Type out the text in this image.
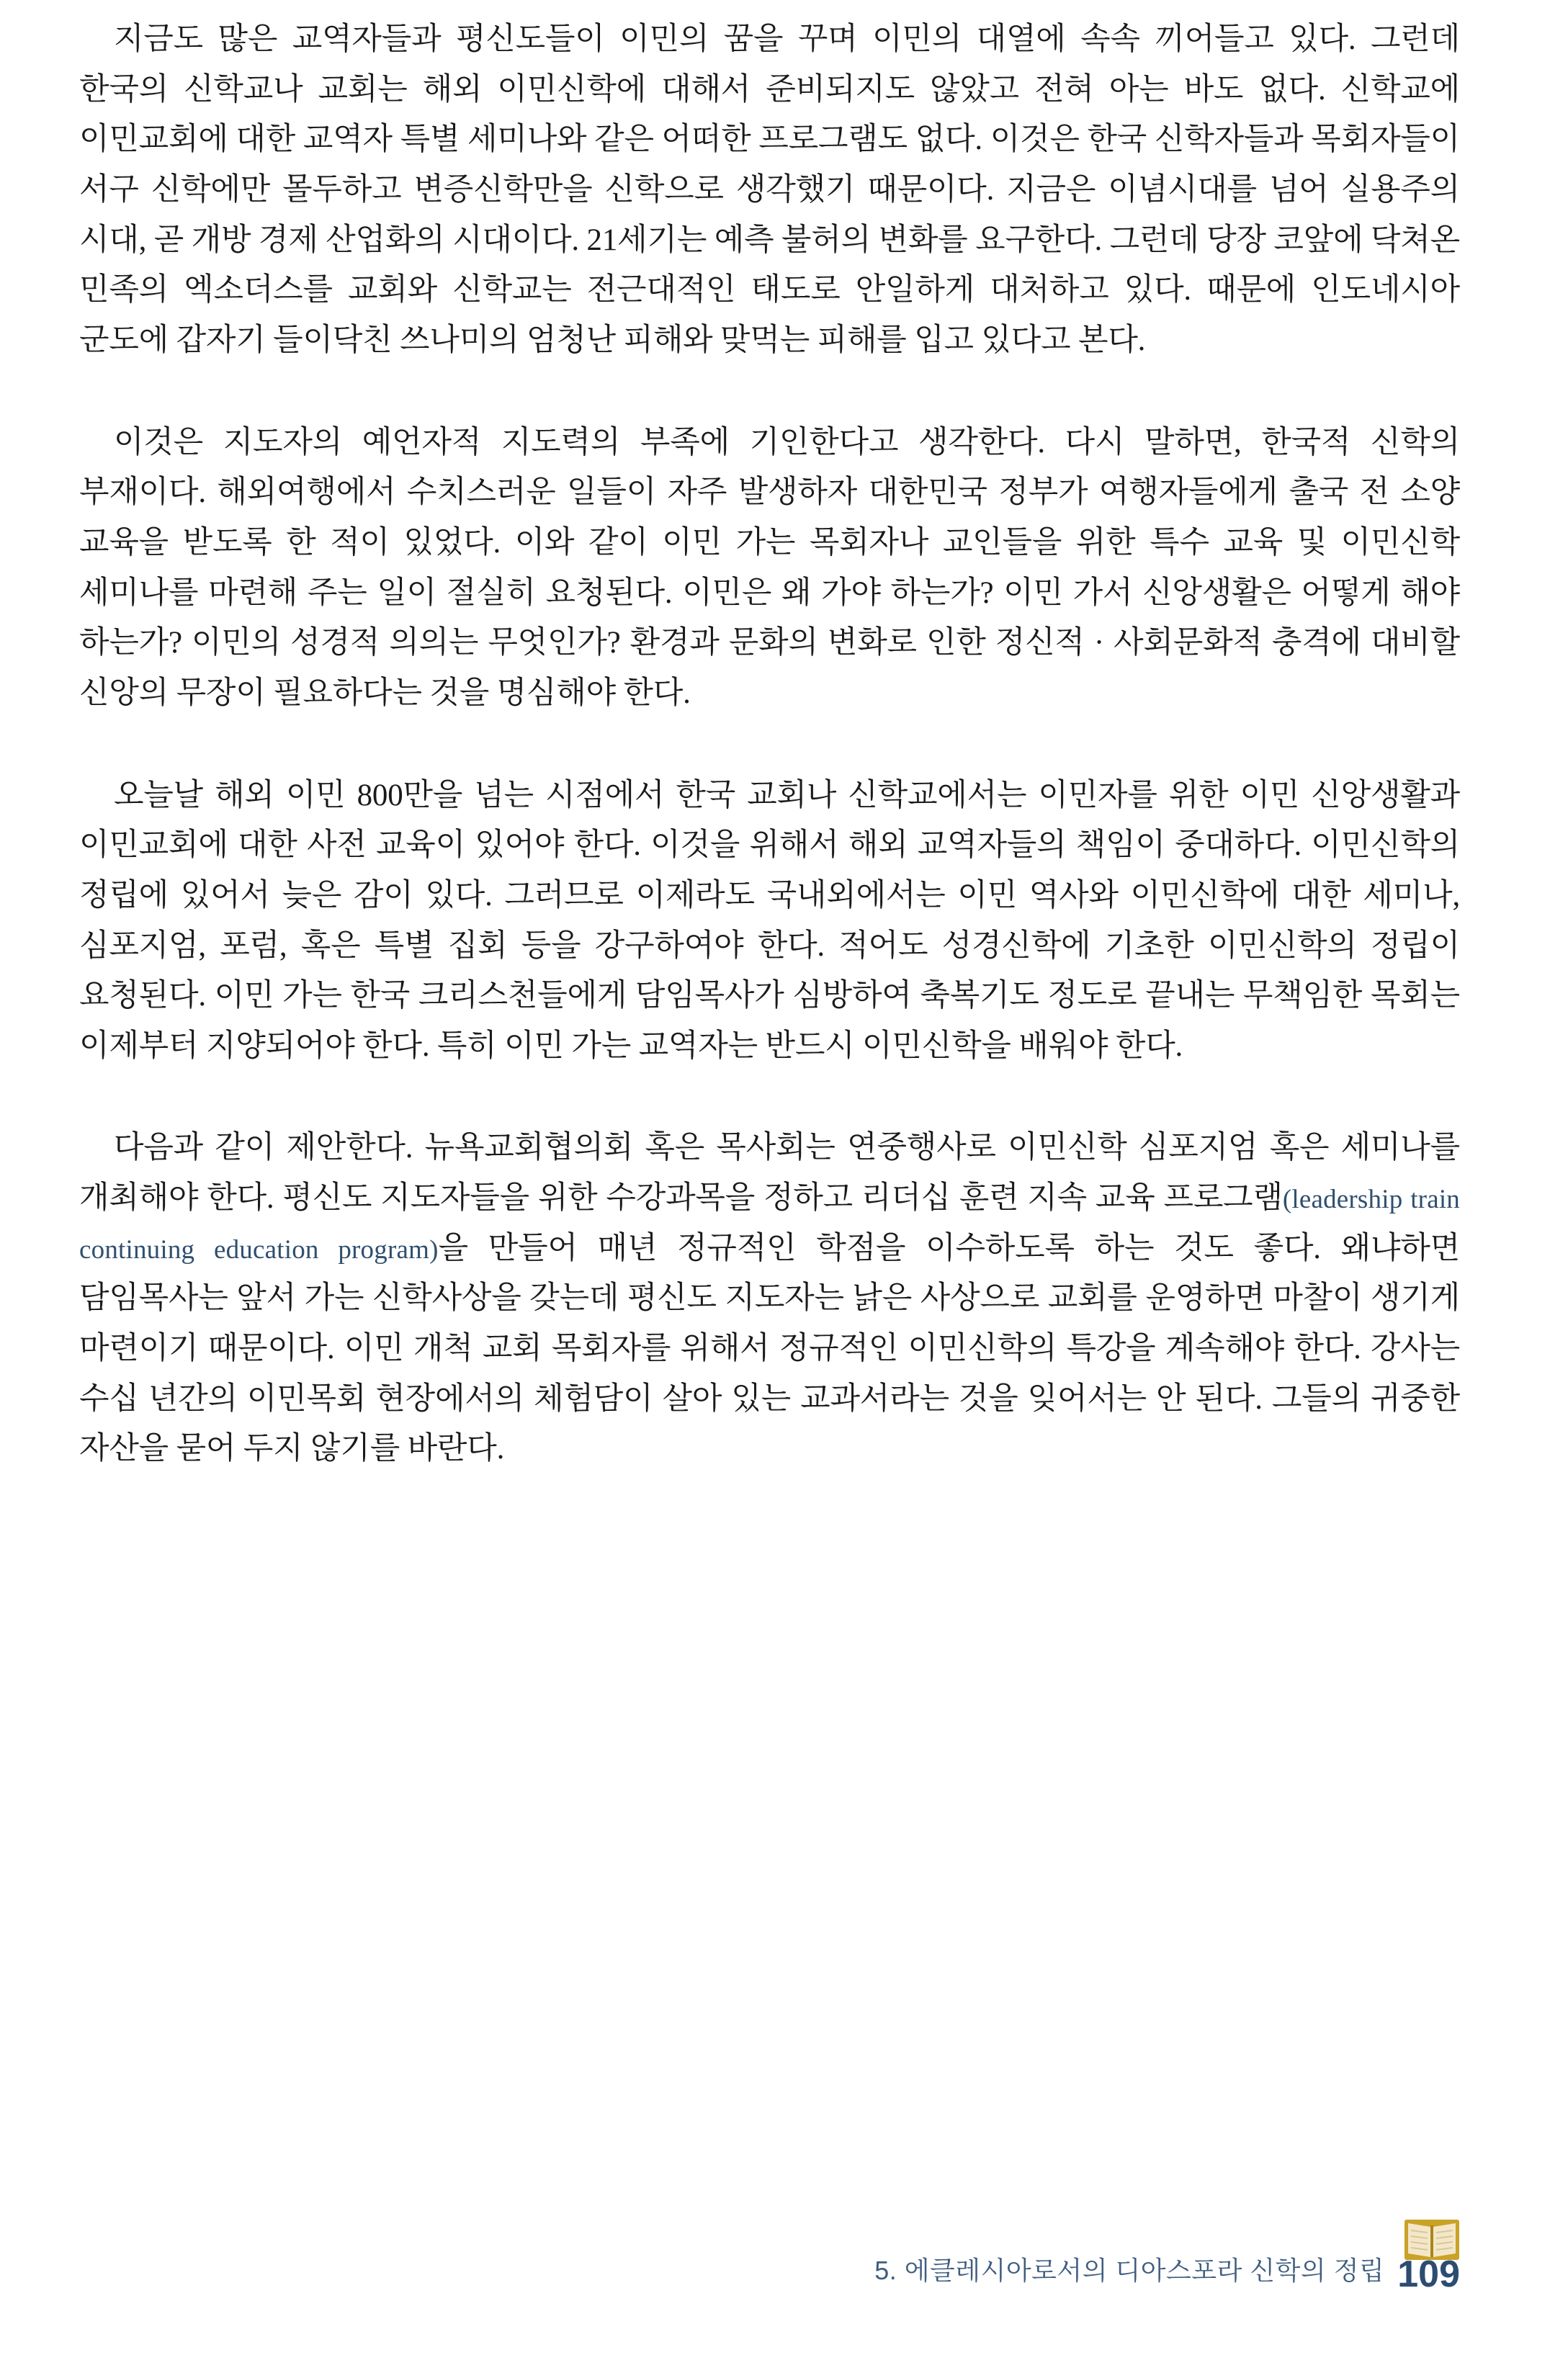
지금도 많은 교역자들과 평신도들이 이민의 꿈을 꾸며 이민의 대열에 속속 끼어들고 있다. 그런데 한국의 신학교나 교회는 해외 이민신학에 대해서 준비되지도 않았고 전혀 아는 바도 없다. 신학교에 이민교회에 대한 교역자 특별 세미나와 같은 어떠한 프로그램도 없다. 이것은 한국 신학자들과 목회자들이 서구 신학에만 몰두하고 변증신학만을 신학으로 생각했기 때문이다. 지금은 이념시대를 넘어 실용주의 시대, 곧 개방 경제 산업화의 시대이다. 21세기는 예측 불허의 변화를 요구한다. 그런데 당장 코앞에 닥쳐온 민족의 엑소더스를 교회와 신학교는 전근대적인 태도로 안일하게 대처하고 있다. 때문에 인도네시아 군도에 갑자기 들이닥친 쓰나미의 엄청난 피해와 맞먹는 피해를 입고 있다고 본다.

이것은 지도자의 예언자적 지도력의 부족에 기인한다고 생각한다. 다시 말하면, 한국적 신학의 부재이다. 해외여행에서 수치스러운 일들이 자주 발생하자 대한민국 정부가 여행자들에게 출국 전 소양 교육을 받도록 한 적이 있었다. 이와 같이 이민 가는 목회자나 교인들을 위한 특수 교육 및 이민신학 세미나를 마련해 주는 일이 절실히 요청된다. 이민은 왜 가야 하는가? 이민 가서 신앙생활은 어떻게 해야 하는가? 이민의 성경적 의의는 무엇인가? 환경과 문화의 변화로 인한 정신적 · 사회문화적 충격에 대비할 신앙의 무장이 필요하다는 것을 명심해야 한다.

오늘날 해외 이민 800만을 넘는 시점에서 한국 교회나 신학교에서는 이민자를 위한 이민 신앙생활과 이민교회에 대한 사전 교육이 있어야 한다. 이것을 위해서 해외 교역자들의 책임이 중대하다. 이민신학의 정립에 있어서 늦은 감이 있다. 그러므로 이제라도 국내외에서는 이민 역사와 이민신학에 대한 세미나, 심포지엄, 포럼, 혹은 특별 집회 등을 강구하여야 한다. 적어도 성경신학에 기초한 이민신학의 정립이 요청된다. 이민 가는 한국 크리스천들에게 담임목사가 심방하여 축복기도 정도로 끝내는 무책임한 목회는 이제부터 지양되어야 한다. 특히 이민 가는 교역자는 반드시 이민신학을 배워야 한다.

다음과 같이 제안한다. 뉴욕교회협의회 혹은 목사회는 연중행사로 이민신학 심포지엄 혹은 세미나를 개최해야 한다. 평신도 지도자들을 위한 수강과목을 정하고 리더십 훈련 지속 교육 프로그램(leadership train continuing education program)을 만들어 매년 정규적인 학점을 이수하도록 하는 것도 좋다. 왜냐하면 담임목사는 앞서 가는 신학사상을 갖는데 평신도 지도자는 낡은 사상으로 교회를 운영하면 마찰이 생기게 마련이기 때문이다. 이민 개척 교회 목회자를 위해서 정규적인 이민신학의 특강을 계속해야 한다. 강사는 수십 년간의 이민목회 현장에서의 체험담이 살아 있는 교과서라는 것을 잊어서는 안 된다. 그들의 귀중한 자산을 묻어 두지 않기를 바란다.

5. 에클레시아로서의 디아스포라 신학의 정립 109
